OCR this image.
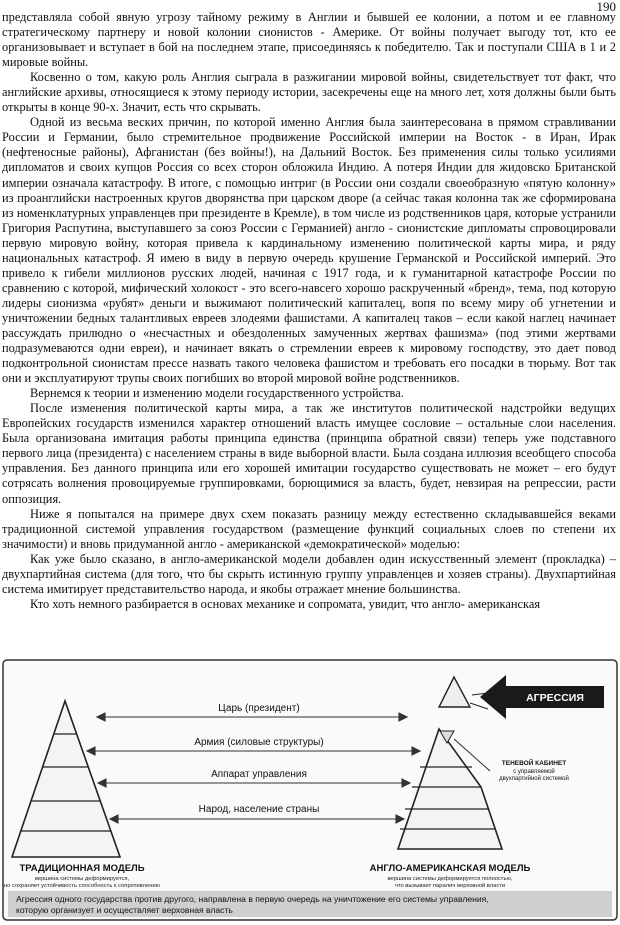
190

представляла собой явную угрозу тайному режиму в Англии и бывшей ее колонии, а потом и ее главному стратегическому партнеру и новой колонии сионистов - Америке. От войны получает выгоду тот, кто ее организовывает и вступает в бой на последнем этапе, присоединяясь к победителю. Так и поступали США в 1 и 2 мировые войны.

Косвенно о том, какую роль Англия сыграла в разжигании мировой войны, свидетельствует тот факт, что английские архивы, относящиеся к этому периоду истории, засекречены еще на много лет, хотя должны были быть открыты в конце 90-х. Значит, есть что скрывать.

Одной из весьма веских причин, по которой именно Англия была заинтересована в прямом стравливании России и Германии, было стремительное продвижение Российской империи на Восток - в Иран, Ирак (нефтеносные районы), Афганистан (без войны!), на Дальний Восток. Без применения силы только усилиями дипломатов и своих купцов Россия со всех сторон обложила Индию. А потеря Индии для жидовско Британской империи означала катастрофу. В итоге, с помощью интриг (в России они создали своеобразную «пятую колонну» из проанглийски настроенных кругов дворянства при царском дворе (а сейчас такая колонна так же сформирована из номенклатурных управленцев при президенте в Кремле), в том числе из родственников царя, которые устранили Григория Распутина, выступавшего за союз России с Германией) англо - сионистские дипломаты спровоцировали первую мировую войну, которая привела к кардинальному изменению политической карты мира, и ряду национальных катастроф. Я имею в виду в первую очередь крушение Германской и Российской империй. Это привело к гибели миллионов русских людей, начиная с 1917 года, и к гуманитарной катастрофе России по сравнению с которой, мифический холокост - это всего-навсего хорошо раскрученный «бренд», тема, под которую лидеры сионизма «рубят» деньги и выжимают политический капиталец, вопя по всему миру об угнетении и уничтожении бедных талантливых евреев злодеями фашистами. А капиталец таков – если какой наглец начинает рассуждать прилюдно о «несчастных и обездоленных замученных жертвах фашизма» (под этими жертвами подразумеваются одни евреи), и начинает вякать о стремлении евреев к мировому господству, это дает повод подконтрольной сионистам прессе назвать такого человека фашистом и требовать его посадки в тюрьму. Вот так они и эксплуатируют трупы своих погибших во второй мировой войне родственников.

Вернемся к теории и изменению модели государственного устройства.

После изменения политической карты мира, а так же институтов политической надстройки ведущих Европейских государств изменился характер отношений власть имущее сословие – остальные слои населения. Была организована имитация работы принципа единства (принципа обратной связи) теперь уже подставного первого лица (президента) с населением страны в виде выборной власти. Была создана иллюзия всеобщего способа управления. Без данного принципа или его хорошей имитации государство существовать не может – его будут сотрясать волнения провоцируемые группировками, борющимися за власть, будет, невзирая на репрессии, расти оппозиция.

Ниже я попытался на примере двух схем показать разницу между естественно складывавшейся веками традиционной системой управления государством (размещение функций социальных слоев по степени их значимости) и вновь придуманной англо - американской «демократической» моделью:

Как уже было сказано, в англо-американской модели добавлен один искусственный элемент (прокладка) – двухпартийная система (для того, что бы скрыть истинную группу управленцев и хозяев страны). Двухпартийная система имитирует представительство народа, и якобы отражает мнение большинства.

Кто хоть немного разбирается в основах механике и сопромата, увидит, что англо- американская

Царь (президент)
Армия (силовые структуры)
Аппарат управления
Народ, население страны
АГРЕССИЯ
ТЕНЕВОЙ КАБИНЕТ
с управляемой
двухпартийной системой
ТРАДИЦИОННАЯ МОДЕЛЬ
вершина системы деформируется,
но сохраняет устойчивость способность к сопротивлению
АНГЛО-АМЕРИКАНСКАЯ МОДЕЛЬ
вершина системы деформируется полностью,
что вызывает паралич верховной власти
Агрессия одного государства против другого, направлена в первую очередь на уничтожение его системы управления,
которую организует и осуществляет верховная власть
